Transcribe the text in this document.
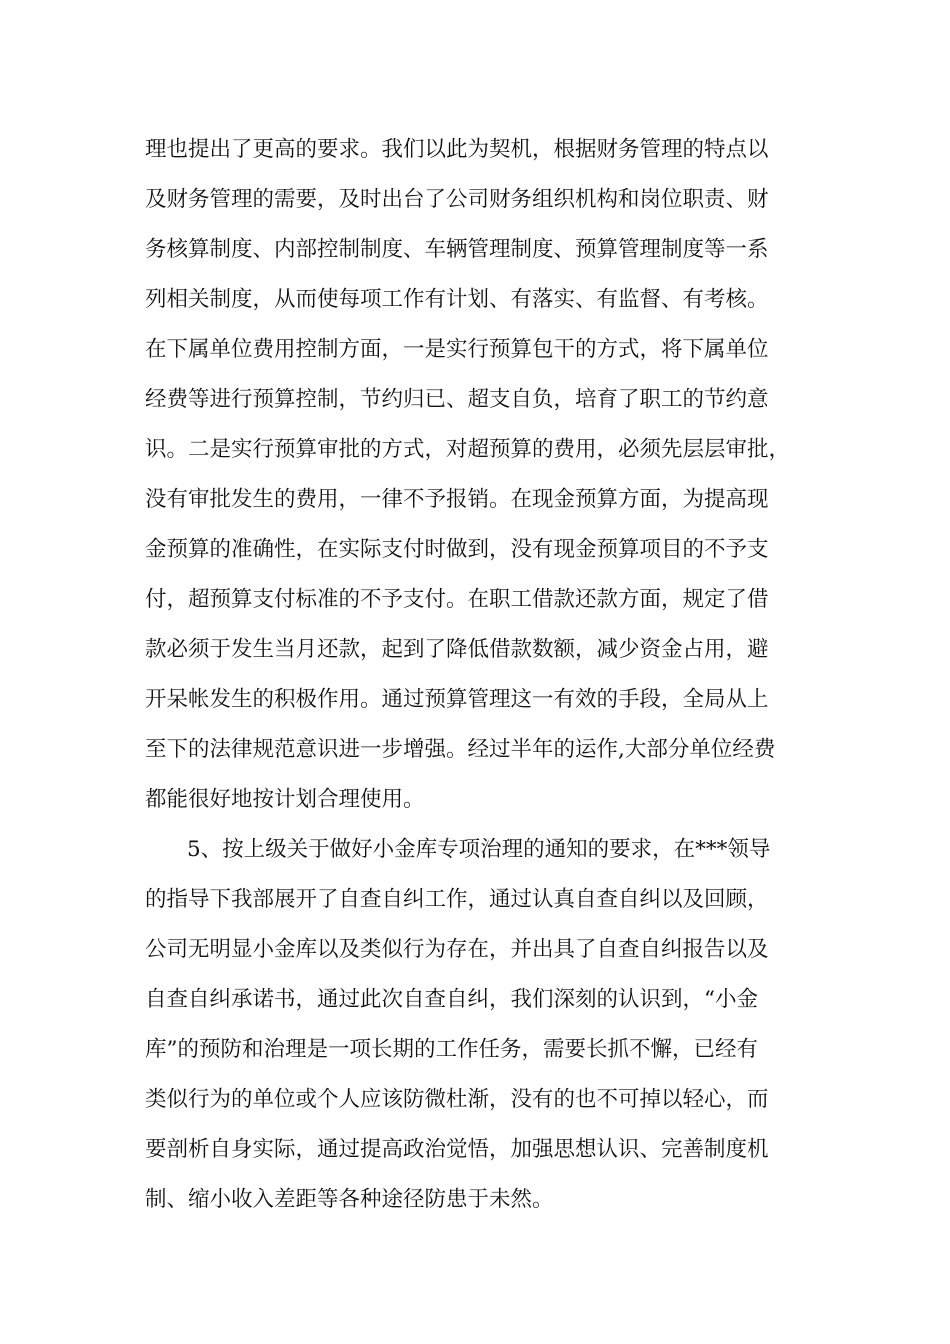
理也提出了更高的要求。我们以此为契机，根据财务管理的特点以
及财务管理的需要，及时出台了公司财务组织机构和岗位职责、财
务核算制度、内部控制制度、车辆管理制度、预算管理制度等一系
列相关制度，从而使每项工作有计划、有落实、有监督、有考核。
在下属单位费用控制方面，一是实行预算包干的方式，将下属单位
经费等进行预算控制，节约归已、超支自负，培育了职工的节约意
识。二是实行预算审批的方式，对超预算的费用，必须先层层审批，
没有审批发生的费用，一律不予报销。在现金预算方面，为提高现
金预算的准确性，在实际支付时做到，没有现金预算项目的不予支
付，超预算支付标准的不予支付。在职工借款还款方面，规定了借
款必须于发生当月还款，起到了降低借款数额，减少资金占用，避
开呆帐发生的积极作用。通过预算管理这一有效的手段，全局从上
至下的法律规范意识进一步增强。经过半年的运作,大部分单位经费
都能很好地按计划合理使用。
5、按上级关于做好小金库专项治理的通知的要求，在***领导
的指导下我部展开了自查自纠工作，通过认真自查自纠以及回顾，
公司无明显小金库以及类似行为存在，并出具了自查自纠报告以及
自查自纠承诺书，通过此次自查自纠，我们深刻的认识到，“小金
库”的预防和治理是一项长期的工作任务，需要长抓不懈，已经有
类似行为的单位或个人应该防微杜渐，没有的也不可掉以轻心，而
要剖析自身实际，通过提高政治觉悟，加强思想认识、完善制度机
制、缩小收入差距等各种途径防患于未然。
